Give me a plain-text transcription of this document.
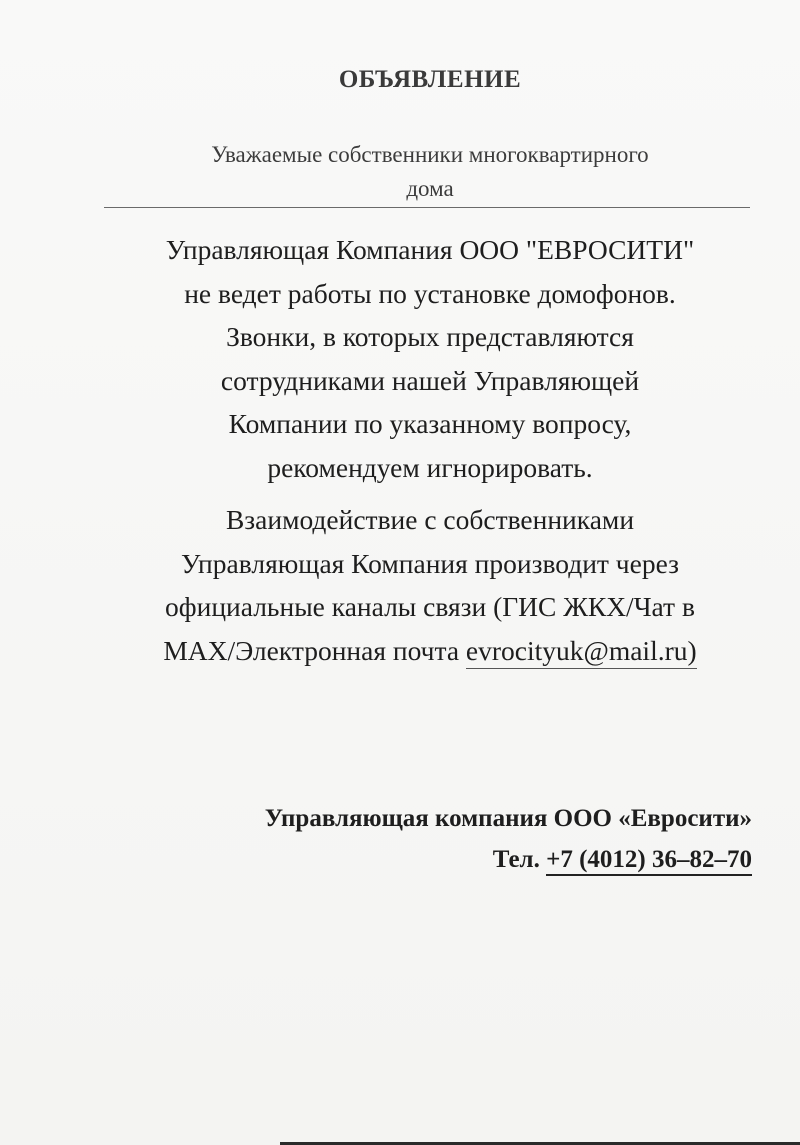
ОБЪЯВЛЕНИЕ
Уважаемые собственники многоквартирного
дома
Управляющая Компания ООО "ЕВРОСИТИ"
не ведет работы по установке домофонов.
Звонки, в которых представляются
сотрудниками нашей Управляющей
Компании по указанному вопросу,
рекомендуем игнорировать.
Взаимодействие с собственниками
Управляющая Компания производит через
официальные каналы связи (ГИС ЖКХ/Чат в
МАХ/Электронная почта evrocityuk@mail.ru)
Управляющая компания ООО «Евросити»
Тел. +7 (4012) 36–82–70
